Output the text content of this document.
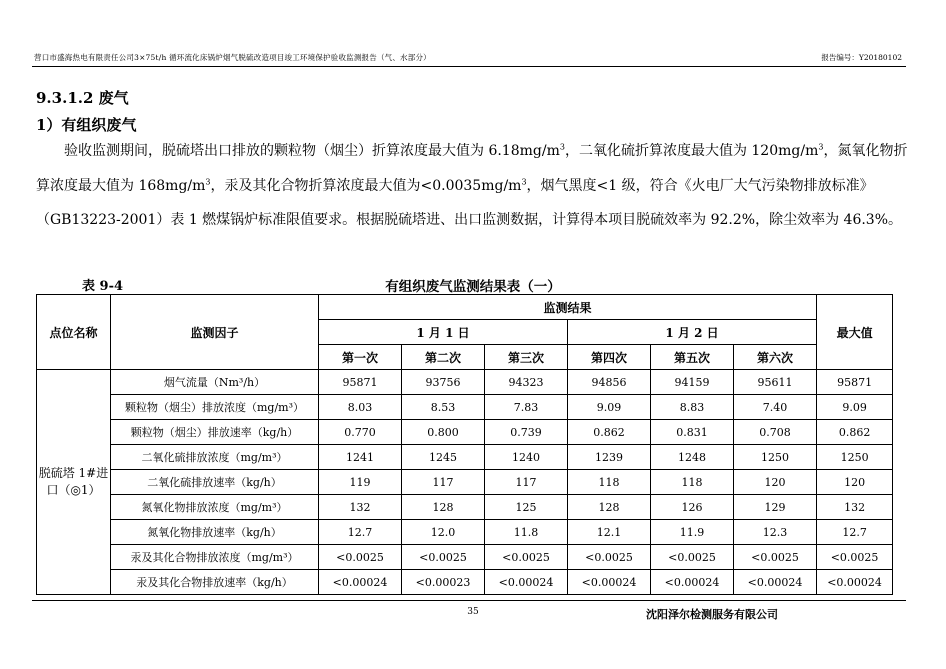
营口市盛海热电有限责任公司3×75t/h 循环流化床锅炉烟气脱硫改造项目竣工环境保护验收监测报告（气、水部分）	报告编号：Y20180102
9.3.1.2 废气
1）有组织废气
验收监测期间，脱硫塔出口排放的颗粒物（烟尘）折算浓度最大值为 $6.18mg/m^3$，二氧化硫折算浓度最大值为 $120mg/m^3$，氮氧化物折算浓度最大值为 $168mg/m^3$，汞及其化合物折算浓度最大值为$<0.0035mg/m^3$，烟气黑度<1 级，符合《火电厂大气污染物排放标准》（GB13223-2001）表 1 燃煤锅炉标准限值要求。根据脱硫塔进、出口监测数据，计算得本项目脱硫效率为 92.2%，除尘效率为 46.3%。
有组织废气监测结果表（一）
表 9-4
点位名称	监测因子	监测结果						最大值
		1 月 1 日			1 月 2 日			
		第一次	第二次	第三次	第四次	第五次	第六次	
脱硫塔 1#进口（◎1）	烟气流量（Nm³/h）	95871	93756	94323	94856	94159	95611	95871
	颗粒物（烟尘）排放浓度（mg/m³）	8.03	8.53	7.83	9.09	8.83	7.40	9.09
	颗粒物（烟尘）排放速率（kg/h）	0.770	0.800	0.739	0.862	0.831	0.708	0.862
	二氧化硫排放浓度（mg/m³）	1241	1245	1240	1239	1248	1250	1250
	二氧化硫排放速率（kg/h）	119	117	117	118	118	120	120
	氮氧化物排放浓度（mg/m³）	132	128	125	128	126	129	132
	氮氧化物排放速率（kg/h）	12.7	12.0	11.8	12.1	11.9	12.3	12.7
	汞及其化合物排放浓度（mg/m³）	<0.0025	<0.0025	<0.0025	<0.0025	<0.0025	<0.0025	<0.0025
	汞及其化合物排放速率（kg/h）	<0.00024	<0.00023	<0.00024	<0.00024	<0.00024	<0.00024	<0.00024
35	沈阳泽尔检测服务有限公司
